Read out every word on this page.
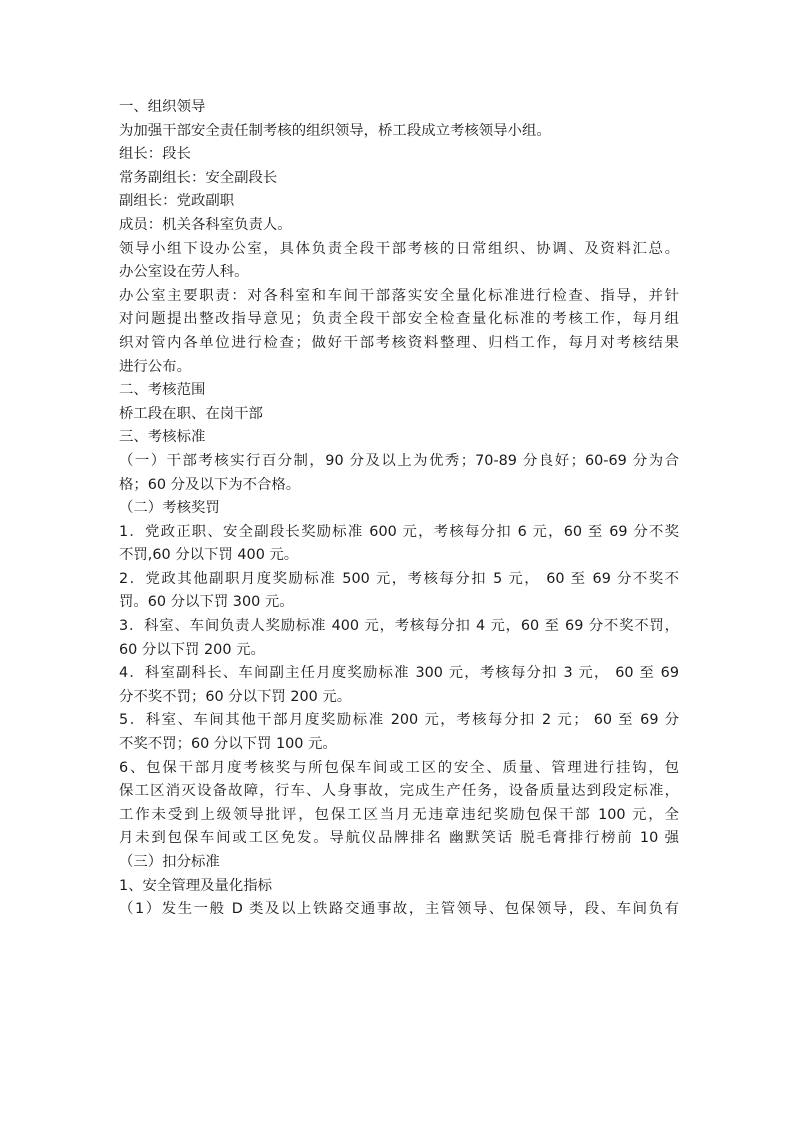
一、组织领导

为加强干部安全责任制考核的组织领导，桥工段成立考核领导小组。

组长：段长

常务副组长：安全副段长

副组长：党政副职

成员：机关各科室负责人。

领导小组下设办公室，具体负责全段干部考核的日常组织、协调、及资料汇总。

办公室设在劳人科。

办公室主要职责：对各科室和车间干部落实安全量化标准进行检查、指导，并针

对问题提出整改指导意见；负责全段干部安全检查量化标准的考核工作，每月组

织对管内各单位进行检查；做好干部考核资料整理、归档工作，每月对考核结果

进行公布。

二、考核范围

桥工段在职、在岗干部

三、考核标准

（一）干部考核实行百分制，90 分及以上为优秀；70-89 分良好；60-69 分为合

格；60 分及以下为不合格。

（二）考核奖罚

1．党政正职、安全副段长奖励标准 600 元，考核每分扣 6 元，60 至 69 分不奖

不罚,60 分以下罚 400 元。

2．党政其他副职月度奖励标准 500 元，考核每分扣 5 元， 60 至 69 分不奖不

罚。60 分以下罚 300 元。

3．科室、车间负责人奖励标准 400 元，考核每分扣 4 元，60 至 69 分不奖不罚，

60 分以下罚 200 元。

4．科室副科长、车间副主任月度奖励标准 300 元，考核每分扣 3 元， 60 至 69

分不奖不罚；60 分以下罚 200 元。

5．科室、车间其他干部月度奖励标准 200 元，考核每分扣 2 元； 60 至 69 分

不奖不罚；60 分以下罚 100 元。

6、包保干部月度考核奖与所包保车间或工区的安全、质量、管理进行挂钩，包

保工区消灭设备故障，行车、人身事故，完成生产任务，设备质量达到段定标准，

工作未受到上级领导批评，包保工区当月无违章违纪奖励包保干部 100 元，全

月未到包保车间或工区免发。导航仪品牌排名 幽默笑话 脱毛膏排行榜前 10 强

（三）扣分标准

1、安全管理及量化指标

（1）发生一般 D 类及以上铁路交通事故，主管领导、包保领导，段、车间负有
